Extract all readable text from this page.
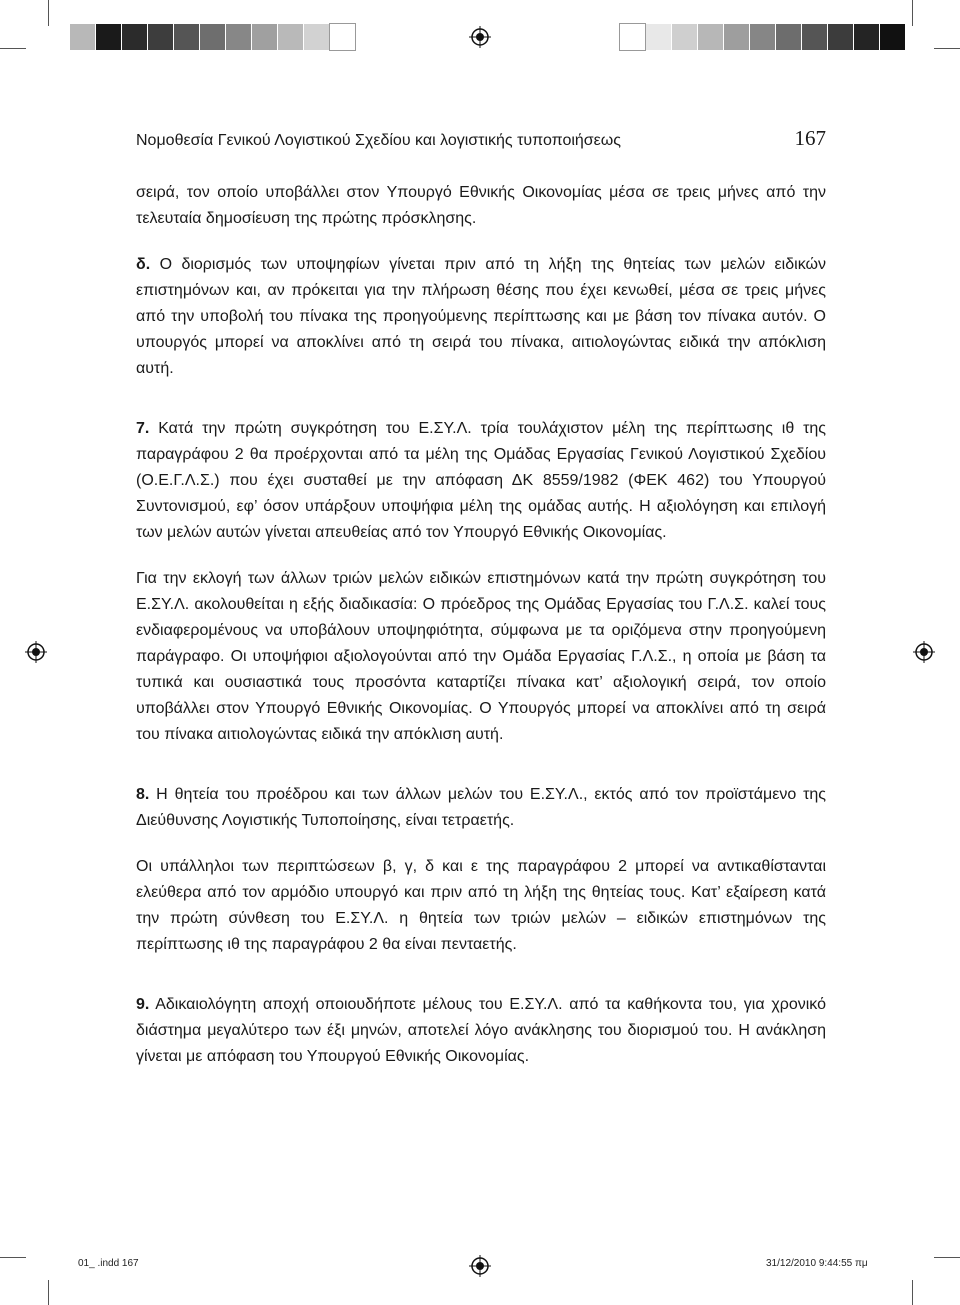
Νομοθεσία Γενικού Λογιστικού Σχεδίου και λογιστικής τυποποιήσεως	167

σειρά, τον οποίο υποβάλλει στον Υπουργό Εθνικής Οικονομίας μέσα σε τρεις μήνες από την τελευταία δημοσίευση της πρώτης πρόσκλησης.

δ. Ο διορισμός των υποψηφίων γίνεται πριν από τη λήξη της θητείας των μελών ειδικών επιστημόνων και, αν πρόκειται για την πλήρωση θέσης που έχει κενωθεί, μέσα σε τρεις μήνες από την υποβολή του πίνακα της προηγούμενης περίπτωσης και με βάση τον πίνακα αυτόν. Ο υπουργός μπορεί να αποκλίνει από τη σειρά του πίνακα, αιτιολογώντας ειδικά την απόκλιση αυτή.

7. Κατά την πρώτη συγκρότηση του Ε.ΣΥ.Λ. τρία τουλάχιστον μέλη της περίπτωσης ιθ της παραγράφου 2 θα προέρχονται από τα μέλη της Ομάδας Εργασίας Γενικού Λογιστικού Σχεδίου (Ο.Ε.Γ.Λ.Σ.) που έχει συσταθεί με την απόφαση ΔΚ 8559/1982 (ΦΕΚ 462) του Υπουργού Συντονισμού, εφ’ όσον υπάρξουν υποψήφια μέλη της ομάδας αυτής. Η αξιολόγηση και επιλογή των μελών αυτών γίνεται απευθείας από τον Υπουργό Εθνικής Οικονομίας.

Για την εκλογή των άλλων τριών μελών ειδικών επιστημόνων κατά την πρώτη συγκρότηση του Ε.ΣΥ.Λ. ακολουθείται η εξής διαδικασία: Ο πρόεδρος της Ομάδας Εργασίας του Γ.Λ.Σ. καλεί τους ενδιαφερομένους να υποβάλουν υποψηφιότητα, σύμφωνα με τα οριζόμενα στην προηγούμενη παράγραφο. Οι υποψήφιοι αξιολογούνται από την Ομάδα Εργασίας Γ.Λ.Σ., η οποία με βάση τα τυπικά και ουσιαστικά τους προσόντα καταρτίζει πίνακα κατ’ αξιολογική σειρά, τον οποίο υποβάλλει στον Υπουργό Εθνικής Οικονομίας. Ο Υπουργός μπορεί να αποκλίνει από τη σειρά του πίνακα αιτιολογώντας ειδικά την απόκλιση αυτή.

8. Η θητεία του προέδρου και των άλλων μελών του Ε.ΣΥ.Λ., εκτός από τον προϊστάμενο της Διεύθυνσης Λογιστικής Τυποποίησης, είναι τετραετής.

Οι υπάλληλοι των περιπτώσεων β, γ, δ και ε της παραγράφου 2 μπορεί να αντικαθίστανται ελεύθερα από τον αρμόδιο υπουργό και πριν από τη λήξη της θητείας τους. Κατ’ εξαίρεση κατά την πρώτη σύνθεση του Ε.ΣΥ.Λ. η θητεία των τριών μελών – ειδικών επιστημόνων της περίπτωσης ιθ της παραγράφου 2 θα είναι πενταετής.

9. Αδικαιολόγητη αποχή οποιουδήποτε μέλους του Ε.ΣΥ.Λ. από τα καθήκοντα του, για χρονικό διάστημα μεγαλύτερο των έξι μηνών, αποτελεί λόγο ανάκλησης του διορισμού του. Η ανάκληση γίνεται με απόφαση του Υπουργού Εθνικής Οικονομίας.

01_ .indd 167	31/12/2010 9:44:55 πμ
